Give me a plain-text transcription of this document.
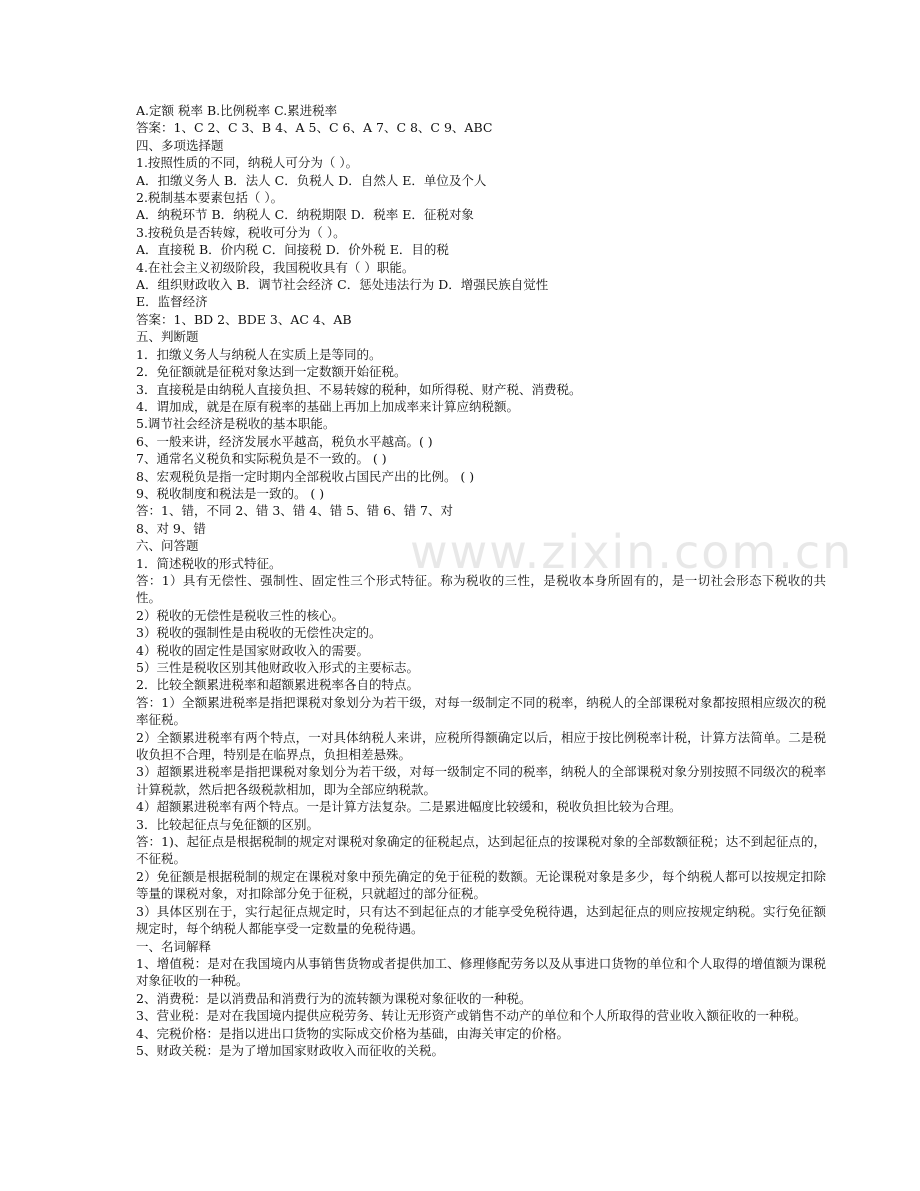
www.zixin.com.cn
A.定额 税率 B.比例税率 C.累进税率
答案：1、C 2、C 3、B 4、A 5、C 6、A 7、C 8、C 9、ABC
四、多项选择题
1.按照性质的不同，纳税人可分为（ ）。
A．扣缴义务人 B．法人 C．负税人 D．自然人 E．单位及个人
2.税制基本要素包括（ ）。
A．纳税环节 B．纳税人 C．纳税期限 D．税率 E．征税对象
3.按税负是否转嫁，税收可分为（ ）。
A．直接税 B．价内税 C．间接税 D．价外税 E．目的税
4.在社会主义初级阶段，我国税收具有（ ）职能。
A．组织财政收入 B．调节社会经济 C．惩处违法行为 D．增强民族自觉性
E．监督经济
答案：1、BD 2、BDE 3、AC 4、AB
五、判断题
1．扣缴义务人与纳税人在实质上是等同的。
2．免征额就是征税对象达到一定数额开始征税。
3．直接税是由纳税人直接负担、不易转嫁的税种，如所得税、财产税、消费税。
4．谓加成，就是在原有税率的基础上再加上加成率来计算应纳税额。
5.调节社会经济是税收的基本职能。
6、一般来讲，经济发展水平越高，税负水平越高。( )
7、通常名义税负和实际税负是不一致的。 ( )
8、宏观税负是指一定时期内全部税收占国民产出的比例。 ( )
9、税收制度和税法是一致的。 ( )
答：1、错，不同 2、错 3、错 4、错 5、错 6、错 7、对
8、对 9、错
六、问答题
1．简述税收的形式特征。
答：1）具有无偿性、强制性、固定性三个形式特征。称为税收的三性，是税收本身所固有的，是一切社会形态下税收的共性。
2）税收的无偿性是税收三性的核心。
3）税收的强制性是由税收的无偿性决定的。
4）税收的固定性是国家财政收入的需要。
5）三性是税收区别其他财政收入形式的主要标志。
2．比较全额累进税率和超额累进税率各自的特点。
答：1）全额累进税率是指把课税对象划分为若干级，对每一级制定不同的税率，纳税人的全部课税对象都按照相应级次的税率征税。
2）全额累进税率有两个特点，一对具体纳税人来讲，应税所得额确定以后，相应于按比例税率计税，计算方法简单。二是税收负担不合理，特别是在临界点，负担相差悬殊。
3）超额累进税率是指把课税对象划分为若干级，对每一级制定不同的税率，纳税人的全部课税对象分别按照不同级次的税率计算税款，然后把各级税款相加，即为全部应纳税款。
4）超额累进税率有两个特点。一是计算方法复杂。二是累进幅度比较缓和，税收负担比较为合理。
3．比较起征点与免征额的区别。
答：1)、起征点是根据税制的规定对课税对象确定的征税起点，达到起征点的按课税对象的全部数额征税；达不到起征点的，不征税。
2）免征额是根据税制的规定在课税对象中预先确定的免于征税的数额。无论课税对象是多少，每个纳税人都可以按规定扣除等量的课税对象，对扣除部分免于征税，只就超过的部分征税。
3）具体区别在于，实行起征点规定时，只有达不到起征点的才能享受免税待遇，达到起征点的则应按规定纳税。实行免征额规定时，每个纳税人都能享受一定数量的免税待遇。
一、名词解释
1、增值税：是对在我国境内从事销售货物或者提供加工、修理修配劳务以及从事进口货物的单位和个人取得的增值额为课税对象征收的一种税。
2、消费税：是以消费品和消费行为的流转额为课税对象征收的一种税。
3、营业税：是对在我国境内提供应税劳务、转让无形资产或销售不动产的单位和个人所取得的营业收入额征收的一种税。
4、完税价格：是指以进出口货物的实际成交价格为基础，由海关审定的价格。
5、财政关税：是为了增加国家财政收入而征收的关税。
